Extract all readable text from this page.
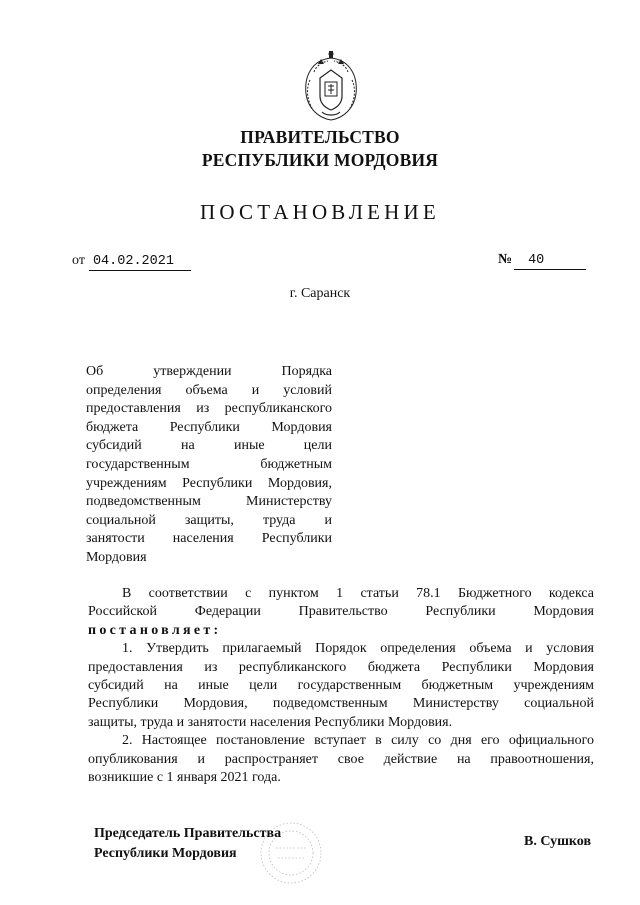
ПРАВИТЕЛЬСТВО
РЕСПУБЛИКИ МОРДОВИЯ
ПОСТАНОВЛЕНИЕ
от 04.02.2021	№ 40
г. Саранск
Об утверждении Порядка
определения объема и условий
предоставления из республиканского
бюджета Республики Мордовия
субсидий на иные цели
государственным бюджетным
учреждениям Республики Мордовия,
подведомственным Министерству
социальной защиты, труда и
занятости населения Республики
Мордовия
В соответствии с пунктом 1 статьи 78.1 Бюджетного кодекса
Российской Федерации Правительство Республики Мордовия
постановляет:
1. Утвердить прилагаемый Порядок определения объема и условия
предоставления из республиканского бюджета Республики Мордовия
субсидий на иные цели государственным бюджетным учреждениям
Республики Мордовия, подведомственным Министерству социальной
защиты, труда и занятости населения Республики Мордовия.
2. Настоящее постановление вступает в силу со дня его официального
опубликования и распространяет свое действие на правоотношения,
возникшие с 1 января 2021 года.
Председатель Правительства
Республики Мордовия
В. Сушков
